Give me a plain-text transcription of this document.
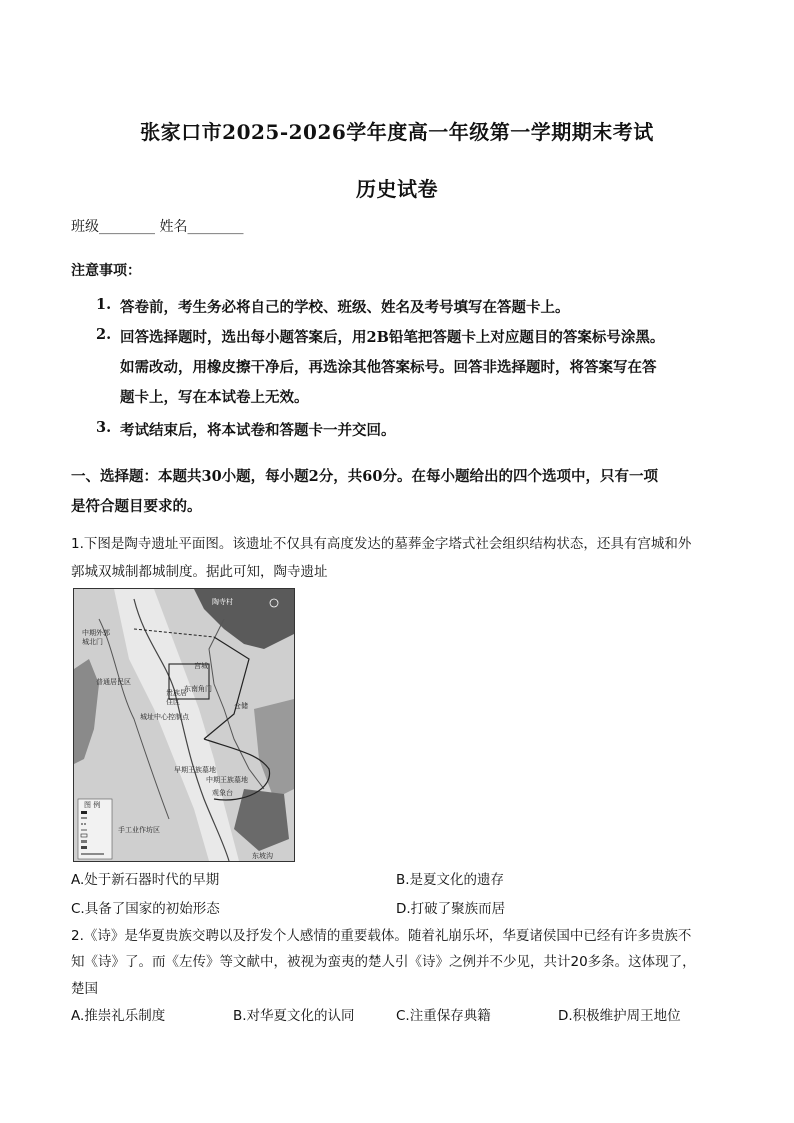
张家口市2025-2026学年度高一年级第一学期期末考试
历史试卷
班级________ 姓名________
注意事项：
1. 答卷前，考生务必将自己的学校、班级、姓名及考号填写在答题卡上。
2. 回答选择题时，选出每小题答案后，用2B铅笔把答题卡上对应题目的答案标号涂黑。
如需改动，用橡皮擦干净后，再选涂其他答案标号。回答非选择题时，将答案写在答
题卡上，写在本试卷上无效。
3. 考试结束后，将本试卷和答题卡一并交回。
一、选择题：本题共30小题，每小题2分，共60分。在每小题给出的四个选项中，只有一项
是符合题目要求的。
1.下图是陶寺遗址平面图。该遗址不仅具有高度发达的墓葬金字塔式社会组织结构状态，还具有宫城和外
郭城双城制都城制度。据此可知，陶寺遗址
陶寺村
中期外郭城北门
普通居民区
宫城
东南角门
贵族居住区	仓储
城址中心控制点
早期王族墓地
中期王族墓地
观象台
手工业作坊区
东坡沟
图 例
A.处于新石器时代的早期	B.是夏文化的遗存
C.具备了国家的初始形态	D.打破了聚族而居
2.《诗》是华夏贵族交聘以及抒发个人感情的重要载体。随着礼崩乐坏，华夏诸侯国中已经有许多贵族不
知《诗》了。而《左传》等文献中，被视为蛮夷的楚人引《诗》之例并不少见，共计20多条。这体现了，
楚国
A.推崇礼乐制度	B.对华夏文化的认同	C.注重保存典籍	D.积极维护周王地位
